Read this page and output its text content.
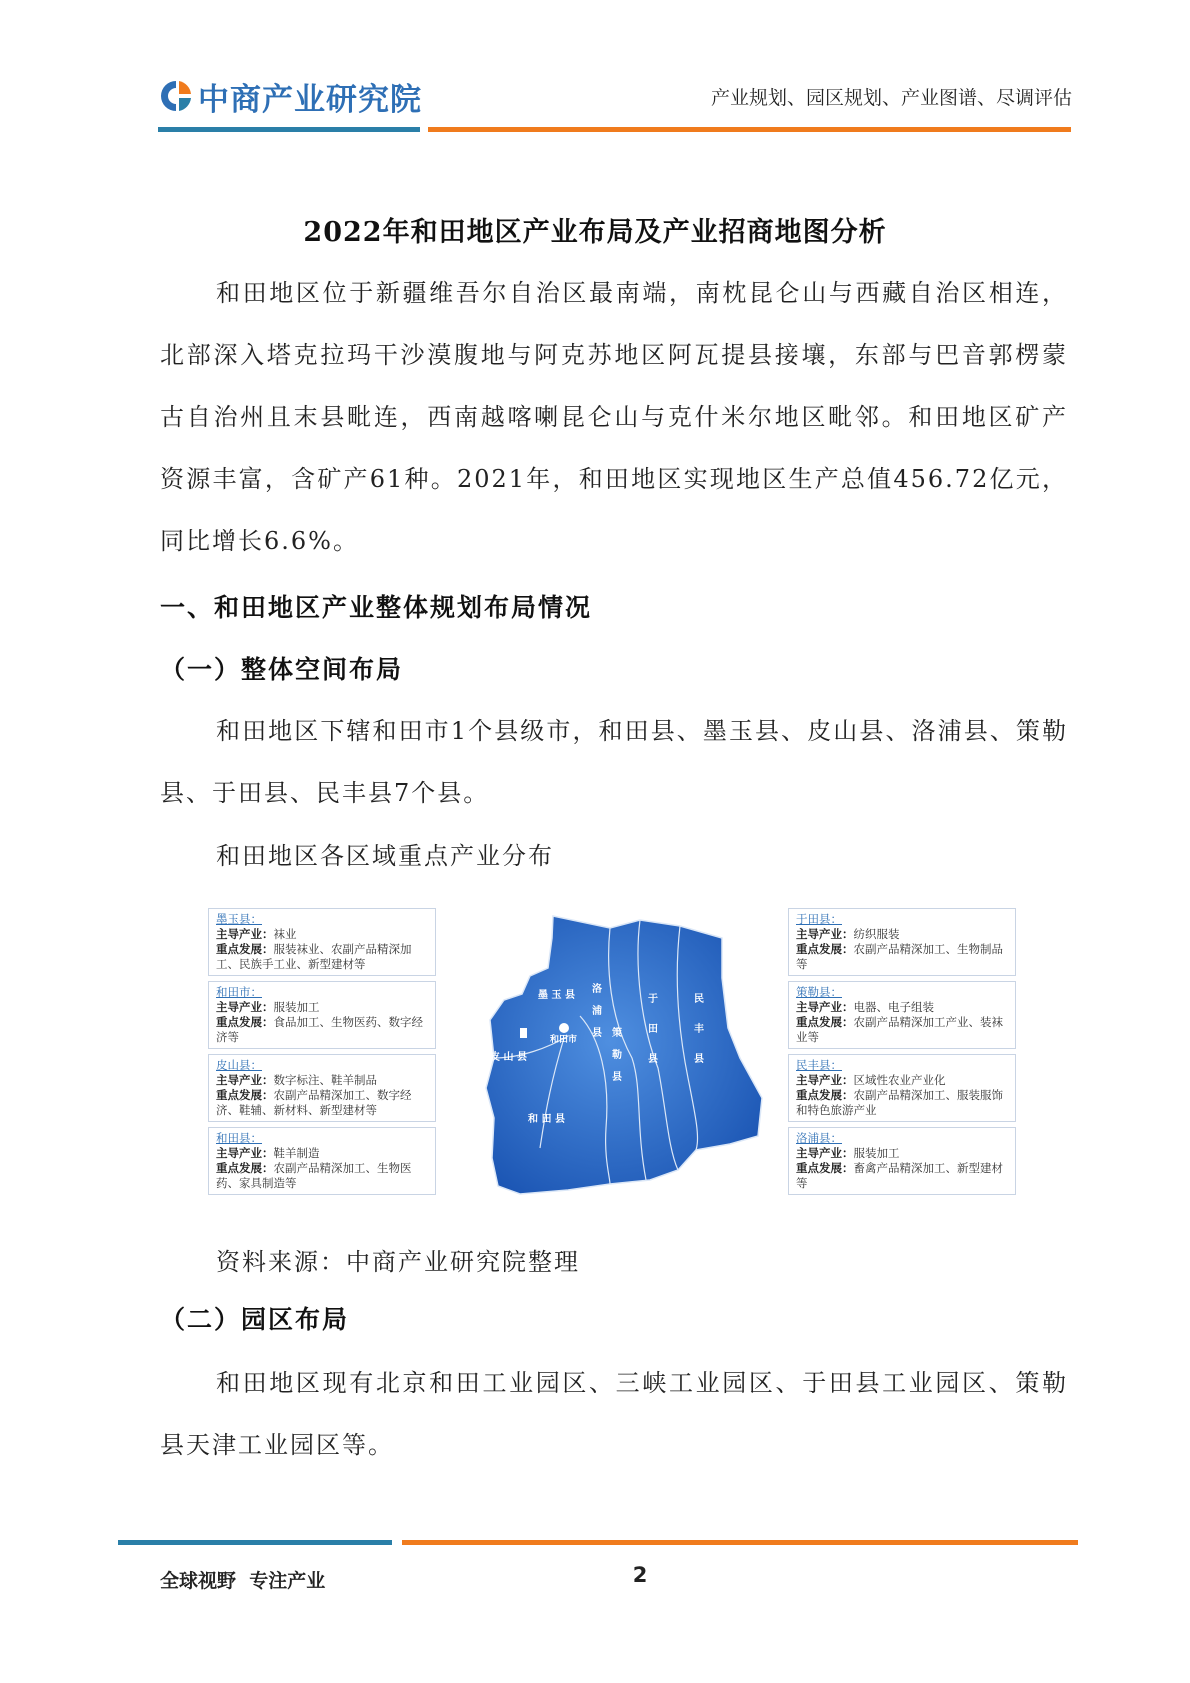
中商产业研究院	产业规划、园区规划、产业图谱、尽调评估
2022年和田地区产业布局及产业招商地图分析
和田地区位于新疆维吾尔自治区最南端，南枕昆仑山与西藏自治区相连，北部深入塔克拉玛干沙漠腹地与阿克苏地区阿瓦提县接壤，东部与巴音郭楞蒙古自治州且末县毗连，西南越喀喇昆仑山与克什米尔地区毗邻。和田地区矿产资源丰富，含矿产61种。2021年，和田地区实现地区生产总值456.72亿元，同比增长6.6%。
一、和田地区产业整体规划布局情况
（一）整体空间布局
和田地区下辖和田市1个县级市，和田县、墨玉县、皮山县、洛浦县、策勒县、于田县、民丰县7个县。
和田地区各区域重点产业分布
墨玉县：
主导产业：袜业
重点发展：服装袜业、农副产品精深加工、民族手工业、新型建材等
和田市：
主导产业：服装加工
重点发展：食品加工、生物医药、数字经济等
皮山县：
主导产业：数字标注、鞋羊制品
重点发展：农副产品精深加工、数字经济、鞋辅、新材料、新型建材等
和田县：
主导产业：鞋羊制造
重点发展：农副产品精深加工、生物医药、家具制造等
墨 玉 县
洛
浦
县
和田市
皮 山 县
和 田 县
策
勒
县
于
田
县
民
丰
县
于田县：
主导产业：纺织服装
重点发展：农副产品精深加工、生物制品等
策勒县：
主导产业：电器、电子组装
重点发展：农副产品精深加工产业、装袜业等
民丰县：
主导产业：区域性农业产业化
重点发展：农副产品精深加工、服装服饰和特色旅游产业
洛浦县：
主导产业：服装加工
重点发展：畜禽产品精深加工、新型建材等
资料来源：中商产业研究院整理
（二）园区布局
和田地区现有北京和田工业园区、三峡工业园区、于田县工业园区、策勒县天津工业园区等。
全球视野  专注产业	2
